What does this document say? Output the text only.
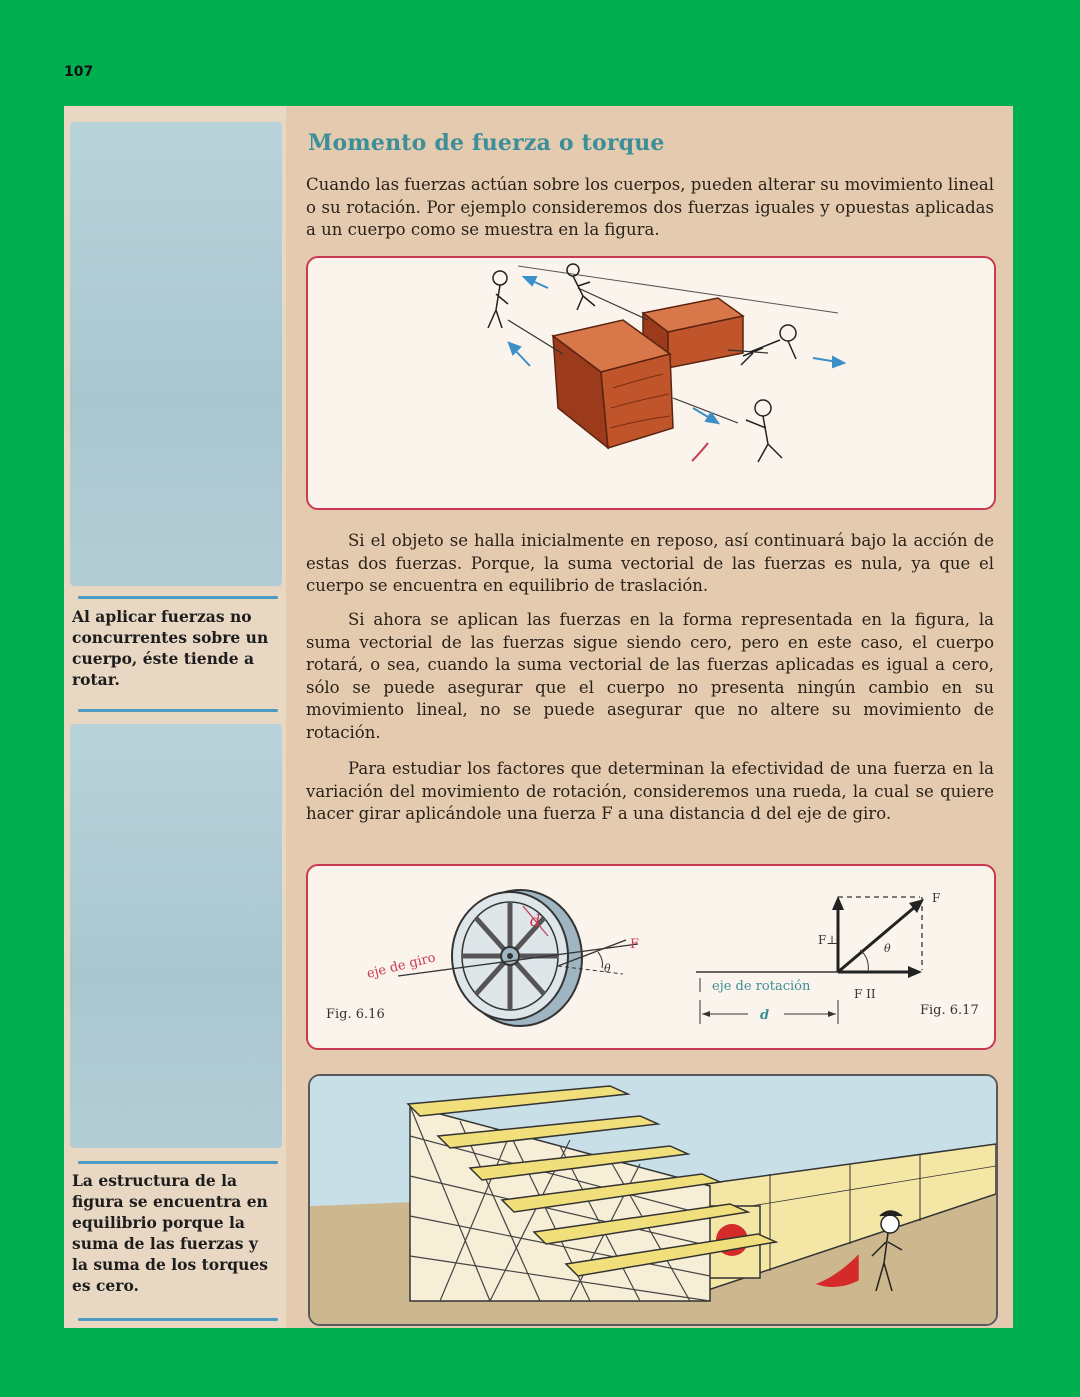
107

Al aplicar fuerzas no concurrentes sobre un cuerpo, éste tiende a rotar.

La estructura de la figura se encuentra en equilibrio porque la suma de las fuerzas y la suma de los torques es cero.

Momento de fuerza o torque

Cuando las fuerzas actúan sobre los cuerpos, pueden alterar su movimiento lineal o su rotación. Por ejemplo consideremos dos fuerzas iguales y opuestas aplicadas a un cuerpo como se muestra en la figura.

Si el objeto se halla inicialmente en reposo, así continuará bajo la acción de estas dos fuerzas. Porque, la suma vectorial de las fuerzas es nula, ya que el cuerpo se encuentra en equilibrio de traslación.

Si ahora se aplican las fuerzas en la forma representada en la figura, la suma vectorial de las fuerzas sigue siendo cero, pero en este caso, el cuerpo rotará, o sea, cuando la suma vectorial de las fuerzas aplicadas es igual a cero, sólo se puede asegurar que el cuerpo no presenta ningún cambio en su movimiento lineal, no se puede asegurar que no altere su movimiento de rotación.

Para estudiar los factores que determinan la efectividad de una fuerza en la variación del movimiento de rotación, consideremos una rueda, la cual se quiere hacer girar aplicándole una fuerza F a una distancia d del eje de giro.

eje de giro
d
F
θ
Fig. 6.16
eje de rotación
d
F
F⊥
F II
θ
Fig. 6.17
